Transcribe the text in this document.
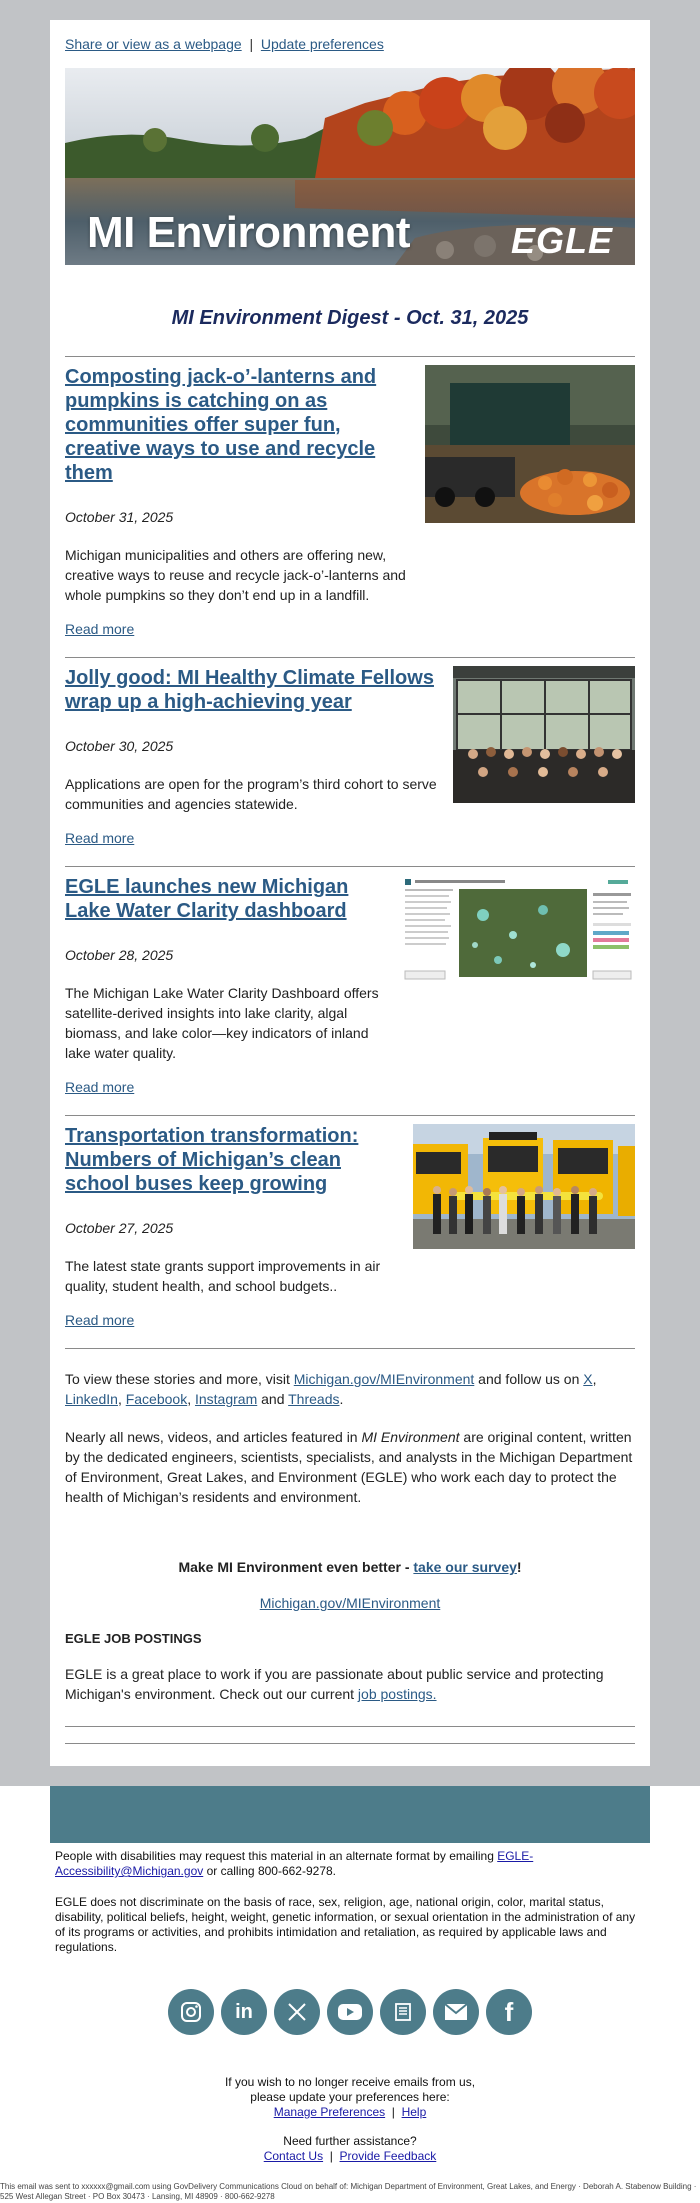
Share or view as a webpage | Update preferences
MI Environment	EGLE
MI Environment Digest - Oct. 31, 2025
Composting jack-o’-lanterns and pumpkins is catching on as communities offer super fun, creative ways to use and recycle them

October 31, 2025

Michigan municipalities and others are offering new, creative ways to reuse and recycle jack-o’-lanterns and whole pumpkins so they don’t end up in a landfill.

Read more
Jolly good: MI Healthy Climate Fellows wrap up a high-achieving year

October 30, 2025

Applications are open for the program’s third cohort to serve communities and agencies statewide.

Read more
EGLE launches new Michigan Lake Water Clarity dashboard

October 28, 2025

The Michigan Lake Water Clarity Dashboard offers satellite-derived insights into lake clarity, algal biomass, and lake color—key indicators of inland lake water quality.

Read more
Transportation transformation: Numbers of Michigan’s clean school buses keep growing

October 27, 2025

The latest state grants support improvements in air quality, student health, and school budgets..

Read more

To view these stories and more, visit Michigan.gov/MIEnvironment and follow us on X, LinkedIn, Facebook, Instagram and Threads.

Nearly all news, videos, and articles featured in MI Environment are original content, written by the dedicated engineers, scientists, specialists, and analysts in the Michigan Department of Environment, Great Lakes, and Environment (EGLE) who work each day to protect the health of Michigan’s residents and environment.

Make MI Environment even better - take our survey!

Michigan.gov/MIEnvironment

EGLE JOB POSTINGS

EGLE is a great place to work if you are passionate about public service and protecting Michigan's environment. Check out our current job postings.

People with disabilities may request this material in an alternate format by emailing EGLE-Accessibility@Michigan.gov or calling 800-662-9278.

EGLE does not discriminate on the basis of race, sex, religion, age, national origin, color, marital status, disability, political beliefs, height, weight, genetic information, or sexual orientation in the administration of any of its programs or activities, and prohibits intimidation and retaliation, as required by applicable laws and regulations.

in	f
If you wish to no longer receive emails from us,
please update your preferences here:
Manage Preferences | Help
Need further assistance?
Contact Us | Provide Feedback

This email was sent to xxxxxx@gmail.com using GovDelivery Communications Cloud on behalf of: Michigan Department of Environment, Great Lakes, and Energy · Deborah A. Stabenow Building · 525 West Allegan Street · PO Box 30473 · Lansing, MI 48909 · 800-662-9278
